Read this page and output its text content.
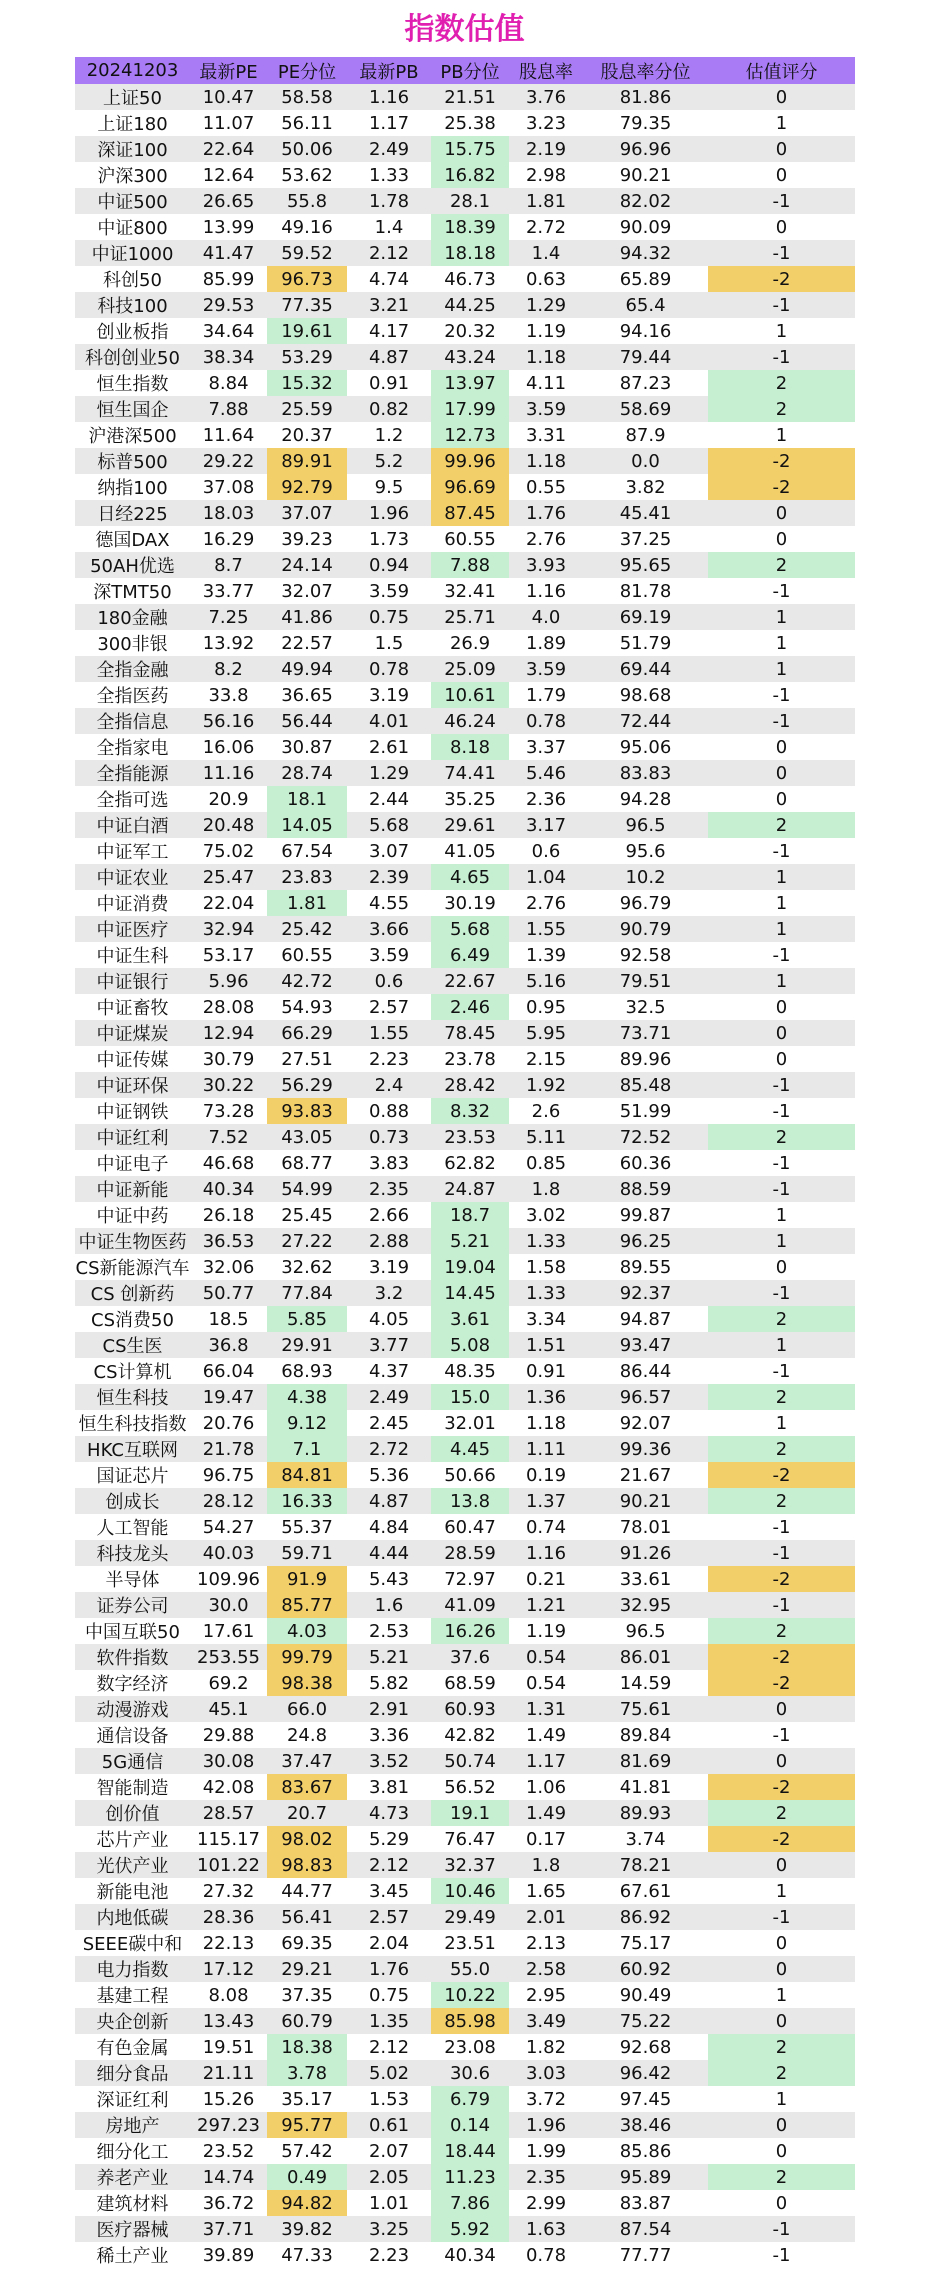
指数估值
20241203	最新PE	PE分位	最新PB	PB分位	股息率	股息率分位	估值评分
上证50	10.47	58.58	1.16	21.51	3.76	81.86	0
上证180	11.07	56.11	1.17	25.38	3.23	79.35	1
深证100	22.64	50.06	2.49	15.75	2.19	96.96	0
沪深300	12.64	53.62	1.33	16.82	2.98	90.21	0
中证500	26.65	55.8	1.78	28.1	1.81	82.02	-1
中证800	13.99	49.16	1.4	18.39	2.72	90.09	0
中证1000	41.47	59.52	2.12	18.18	1.4	94.32	-1
科创50	85.99	96.73	4.74	46.73	0.63	65.89	-2
科技100	29.53	77.35	3.21	44.25	1.29	65.4	-1
创业板指	34.64	19.61	4.17	20.32	1.19	94.16	1
科创创业50	38.34	53.29	4.87	43.24	1.18	79.44	-1
恒生指数	8.84	15.32	0.91	13.97	4.11	87.23	2
恒生国企	7.88	25.59	0.82	17.99	3.59	58.69	2
沪港深500	11.64	20.37	1.2	12.73	3.31	87.9	1
标普500	29.22	89.91	5.2	99.96	1.18	0.0	-2
纳指100	37.08	92.79	9.5	96.69	0.55	3.82	-2
日经225	18.03	37.07	1.96	87.45	1.76	45.41	0
德国DAX	16.29	39.23	1.73	60.55	2.76	37.25	0
50AH优选	8.7	24.14	0.94	7.88	3.93	95.65	2
深TMT50	33.77	32.07	3.59	32.41	1.16	81.78	-1
180金融	7.25	41.86	0.75	25.71	4.0	69.19	1
300非银	13.92	22.57	1.5	26.9	1.89	51.79	1
全指金融	8.2	49.94	0.78	25.09	3.59	69.44	1
全指医药	33.8	36.65	3.19	10.61	1.79	98.68	-1
全指信息	56.16	56.44	4.01	46.24	0.78	72.44	-1
全指家电	16.06	30.87	2.61	8.18	3.37	95.06	0
全指能源	11.16	28.74	1.29	74.41	5.46	83.83	0
全指可选	20.9	18.1	2.44	35.25	2.36	94.28	0
中证白酒	20.48	14.05	5.68	29.61	3.17	96.5	2
中证军工	75.02	67.54	3.07	41.05	0.6	95.6	-1
中证农业	25.47	23.83	2.39	4.65	1.04	10.2	1
中证消费	22.04	1.81	4.55	30.19	2.76	96.79	1
中证医疗	32.94	25.42	3.66	5.68	1.55	90.79	1
中证生科	53.17	60.55	3.59	6.49	1.39	92.58	-1
中证银行	5.96	42.72	0.6	22.67	5.16	79.51	1
中证畜牧	28.08	54.93	2.57	2.46	0.95	32.5	0
中证煤炭	12.94	66.29	1.55	78.45	5.95	73.71	0
中证传媒	30.79	27.51	2.23	23.78	2.15	89.96	0
中证环保	30.22	56.29	2.4	28.42	1.92	85.48	-1
中证钢铁	73.28	93.83	0.88	8.32	2.6	51.99	-1
中证红利	7.52	43.05	0.73	23.53	5.11	72.52	2
中证电子	46.68	68.77	3.83	62.82	0.85	60.36	-1
中证新能	40.34	54.99	2.35	24.87	1.8	88.59	-1
中证中药	26.18	25.45	2.66	18.7	3.02	99.87	1
中证生物医药	36.53	27.22	2.88	5.21	1.33	96.25	1
CS新能源汽车	32.06	32.62	3.19	19.04	1.58	89.55	0
CS 创新药	50.77	77.84	3.2	14.45	1.33	92.37	-1
CS消费50	18.5	5.85	4.05	3.61	3.34	94.87	2
CS生医	36.8	29.91	3.77	5.08	1.51	93.47	1
CS计算机	66.04	68.93	4.37	48.35	0.91	86.44	-1
恒生科技	19.47	4.38	2.49	15.0	1.36	96.57	2
恒生科技指数	20.76	9.12	2.45	32.01	1.18	92.07	1
HKC互联网	21.78	7.1	2.72	4.45	1.11	99.36	2
国证芯片	96.75	84.81	5.36	50.66	0.19	21.67	-2
创成长	28.12	16.33	4.87	13.8	1.37	90.21	2
人工智能	54.27	55.37	4.84	60.47	0.74	78.01	-1
科技龙头	40.03	59.71	4.44	28.59	1.16	91.26	-1
半导体	109.96	91.9	5.43	72.97	0.21	33.61	-2
证券公司	30.0	85.77	1.6	41.09	1.21	32.95	-1
中国互联50	17.61	4.03	2.53	16.26	1.19	96.5	2
软件指数	253.55	99.79	5.21	37.6	0.54	86.01	-2
数字经济	69.2	98.38	5.82	68.59	0.54	14.59	-2
动漫游戏	45.1	66.0	2.91	60.93	1.31	75.61	0
通信设备	29.88	24.8	3.36	42.82	1.49	89.84	-1
5G通信	30.08	37.47	3.52	50.74	1.17	81.69	0
智能制造	42.08	83.67	3.81	56.52	1.06	41.81	-2
创价值	28.57	20.7	4.73	19.1	1.49	89.93	2
芯片产业	115.17	98.02	5.29	76.47	0.17	3.74	-2
光伏产业	101.22	98.83	2.12	32.37	1.8	78.21	0
新能电池	27.32	44.77	3.45	10.46	1.65	67.61	1
内地低碳	28.36	56.41	2.57	29.49	2.01	86.92	-1
SEEE碳中和	22.13	69.35	2.04	23.51	2.13	75.17	0
电力指数	17.12	29.21	1.76	55.0	2.58	60.92	0
基建工程	8.08	37.35	0.75	10.22	2.95	90.49	1
央企创新	13.43	60.79	1.35	85.98	3.49	75.22	0
有色金属	19.51	18.38	2.12	23.08	1.82	92.68	2
细分食品	21.11	3.78	5.02	30.6	3.03	96.42	2
深证红利	15.26	35.17	1.53	6.79	3.72	97.45	1
房地产	297.23	95.77	0.61	0.14	1.96	38.46	0
细分化工	23.52	57.42	2.07	18.44	1.99	85.86	0
养老产业	14.74	0.49	2.05	11.23	2.35	95.89	2
建筑材料	36.72	94.82	1.01	7.86	2.99	83.87	0
医疗器械	37.71	39.82	3.25	5.92	1.63	87.54	-1
稀土产业	39.89	47.33	2.23	40.34	0.78	77.77	-1
